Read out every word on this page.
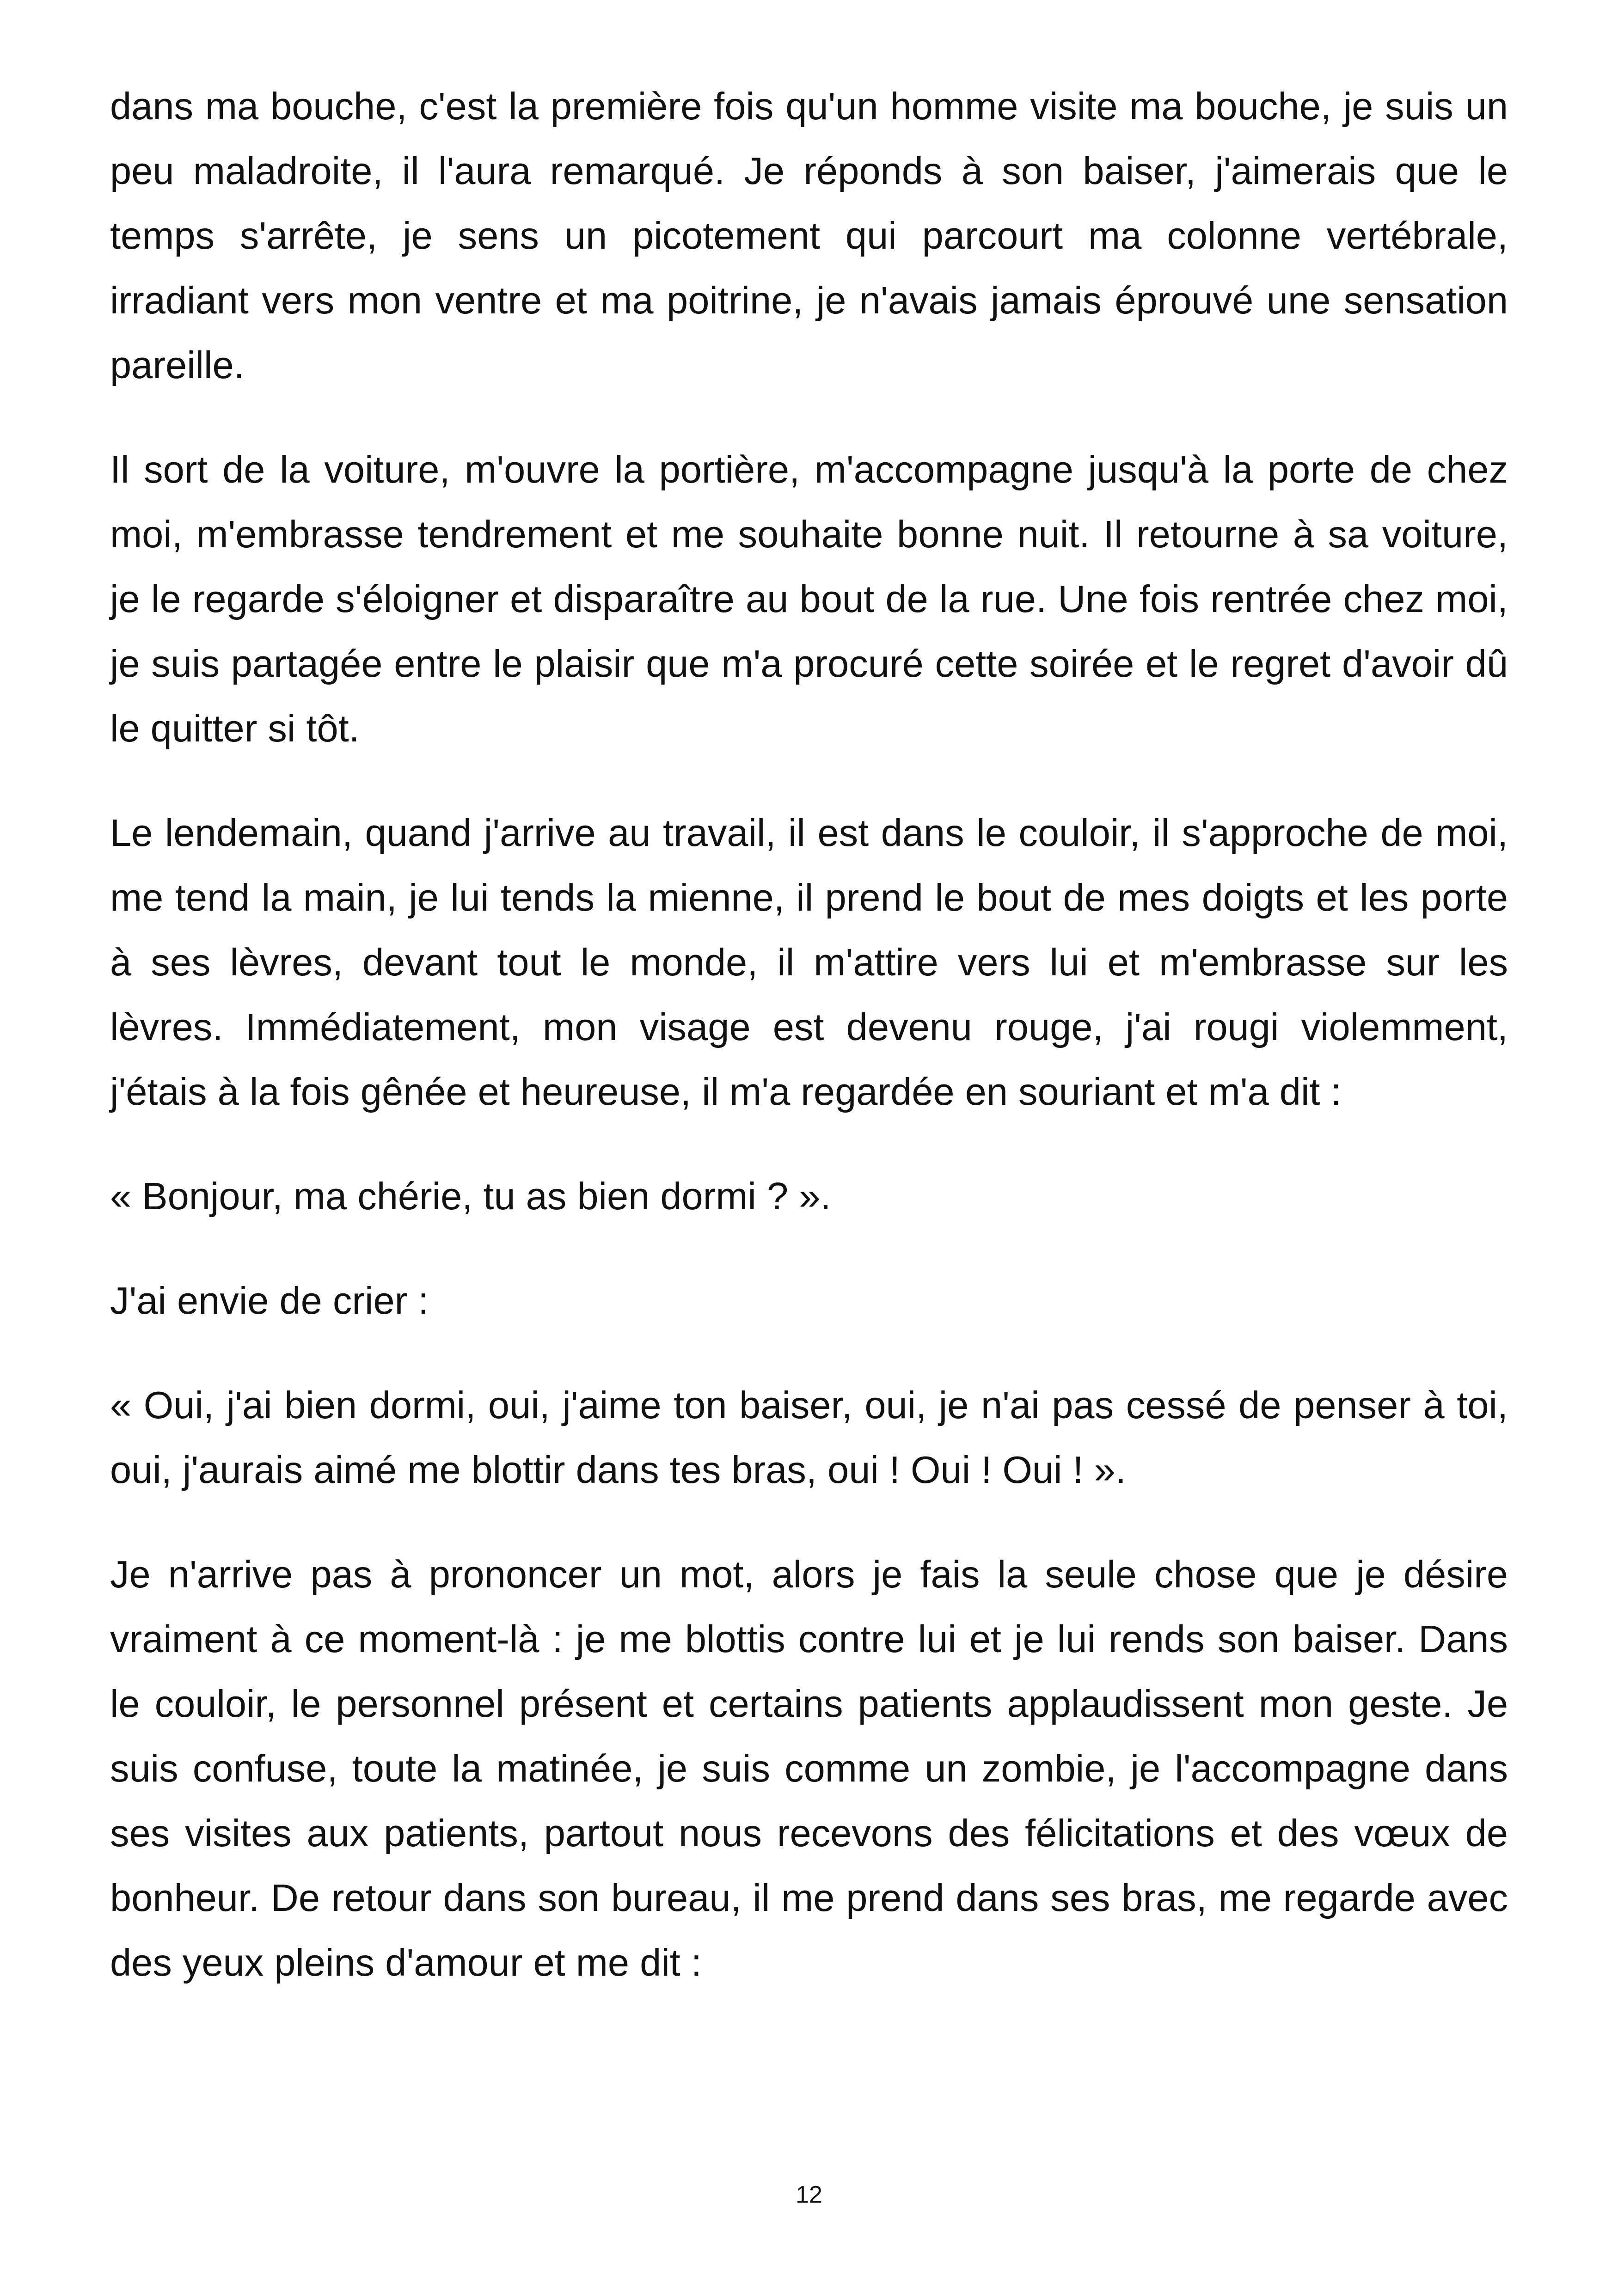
dans ma bouche, c'est la première fois qu'un homme visite ma bouche, je suis un peu maladroite, il l'aura remarqué. Je réponds à son baiser, j'aimerais que le temps s'arrête, je sens un picotement qui parcourt ma colonne vertébrale, irradiant vers mon ventre et ma poitrine, je n'avais jamais éprouvé une sensation pareille.

Il sort de la voiture, m'ouvre la portière, m'accompagne jusqu'à la porte de chez moi, m'embrasse tendrement et me souhaite bonne nuit. Il retourne à sa voiture, je le regarde s'éloigner et disparaître au bout de la rue. Une fois rentrée chez moi, je suis partagée entre le plaisir que m'a procuré cette soirée et le regret d'avoir dû le quitter si tôt.

Le lendemain, quand j'arrive au travail, il est dans le couloir, il s'approche de moi, me tend la main, je lui tends la mienne, il prend le bout de mes doigts et les porte à ses lèvres, devant tout le monde, il m'attire vers lui et m'embrasse sur les lèvres. Immédiatement, mon visage est devenu rouge, j'ai rougi violemment, j'étais à la fois gênée et heureuse, il m'a regardée en souriant et m'a dit :

« Bonjour, ma chérie, tu as bien dormi ? ».

J'ai envie de crier :

« Oui, j'ai bien dormi, oui, j'aime ton baiser, oui, je n'ai pas cessé de penser à toi, oui, j'aurais aimé me blottir dans tes bras, oui ! Oui ! Oui ! ».

Je n'arrive pas à prononcer un mot, alors je fais la seule chose que je désire vraiment à ce moment-là : je me blottis contre lui et je lui rends son baiser. Dans le couloir, le personnel présent et certains patients applaudissent mon geste. Je suis confuse, toute la matinée, je suis comme un zombie, je l'accompagne dans ses visites aux patients, partout nous recevons des félicitations et des vœux de bonheur. De retour dans son bureau, il me prend dans ses bras, me regarde avec des yeux pleins d'amour et me dit :

12
